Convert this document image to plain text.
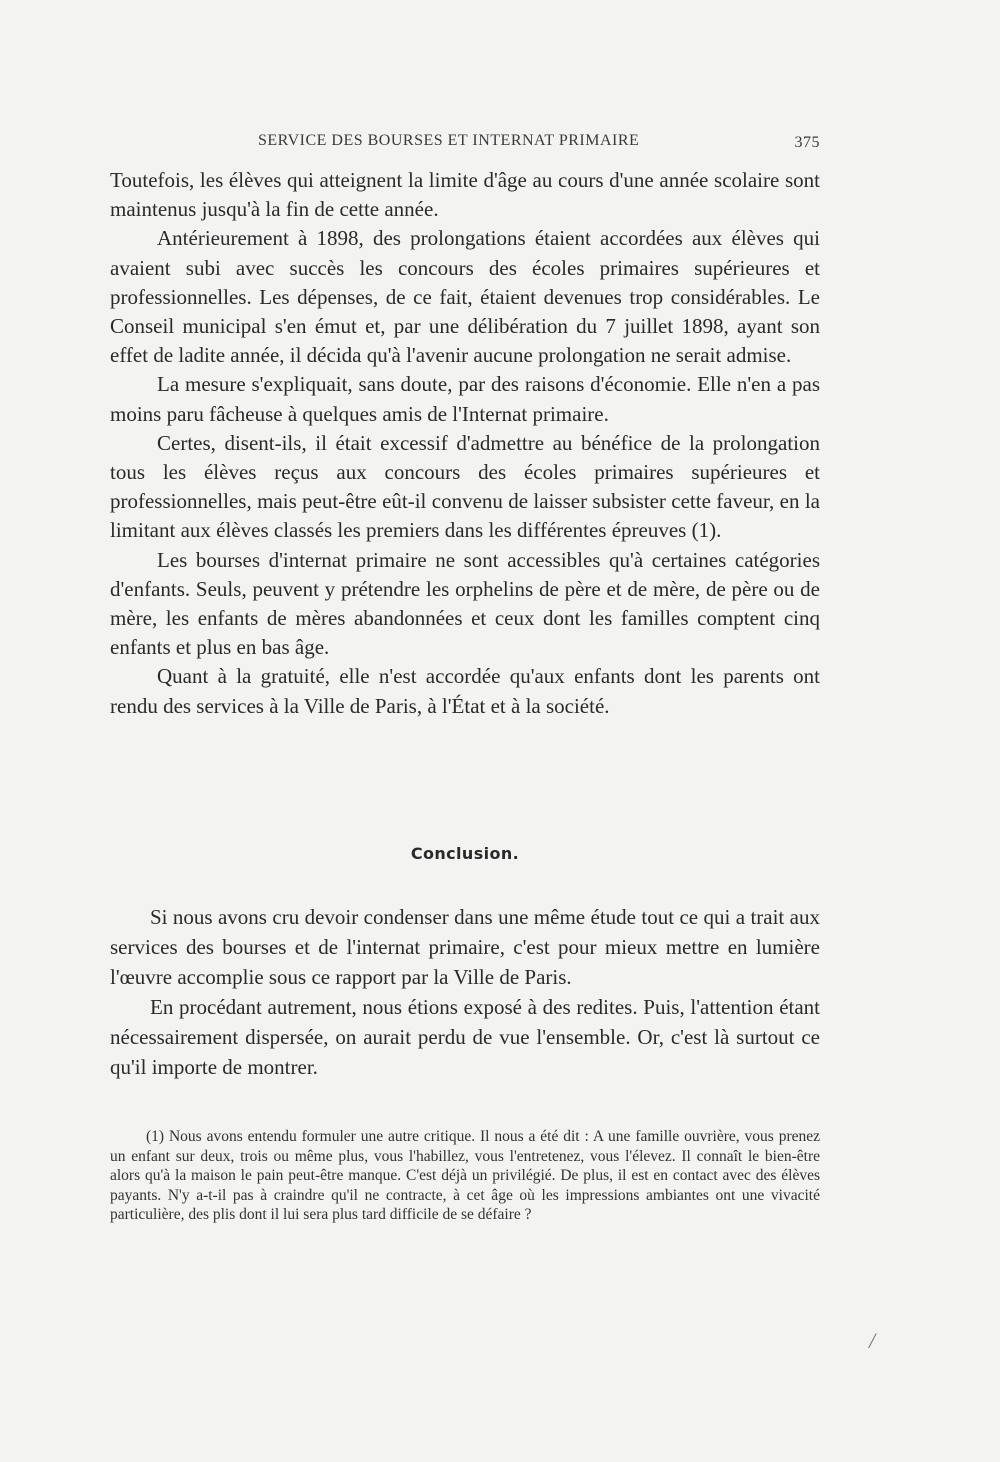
SERVICE DES BOURSES ET INTERNAT PRIMAIRE	375

Toutefois, les élèves qui atteignent la limite d'âge au cours d'une année scolaire sont maintenus jusqu'à la fin de cette année.

Antérieurement à 1898, des prolongations étaient accordées aux élèves qui avaient subi avec succès les concours des écoles primaires supérieures et professionnelles. Les dépenses, de ce fait, étaient devenues trop considérables. Le Conseil municipal s'en émut et, par une délibération du 7 juillet 1898, ayant son effet de ladite année, il décida qu'à l'avenir aucune prolongation ne serait admise.

La mesure s'expliquait, sans doute, par des raisons d'économie. Elle n'en a pas moins paru fâcheuse à quelques amis de l'Internat primaire.

Certes, disent-ils, il était excessif d'admettre au bénéfice de la prolongation tous les élèves reçus aux concours des écoles primaires supérieures et professionnelles, mais peut-être eût-il convenu de laisser subsister cette faveur, en la limitant aux élèves classés les premiers dans les différentes épreuves (1).

Les bourses d'internat primaire ne sont accessibles qu'à certaines catégories d'enfants. Seuls, peuvent y prétendre les orphelins de père et de mère, de père ou de mère, les enfants de mères abandonnées et ceux dont les familles comptent cinq enfants et plus en bas âge.

Quant à la gratuité, elle n'est accordée qu'aux enfants dont les parents ont rendu des services à la Ville de Paris, à l'État et à la société.

Conclusion.

Si nous avons cru devoir condenser dans une même étude tout ce qui a trait aux services des bourses et de l'internat primaire, c'est pour mieux mettre en lumière l'œuvre accomplie sous ce rapport par la Ville de Paris.

En procédant autrement, nous étions exposé à des redites. Puis, l'attention étant nécessairement dispersée, on aurait perdu de vue l'ensemble. Or, c'est là surtout ce qu'il importe de montrer.

(1) Nous avons entendu formuler une autre critique. Il nous a été dit : A une famille ouvrière, vous prenez un enfant sur deux, trois ou même plus, vous l'habillez, vous l'entretenez, vous l'élevez. Il connaît le bien-être alors qu'à la maison le pain peut-être manque. C'est déjà un privilégié. De plus, il est en contact avec des élèves payants. N'y a-t-il pas à craindre qu'il ne contracte, à cet âge où les impressions ambiantes ont une vivacité particulière, des plis dont il lui sera plus tard difficile de se défaire ?
/
